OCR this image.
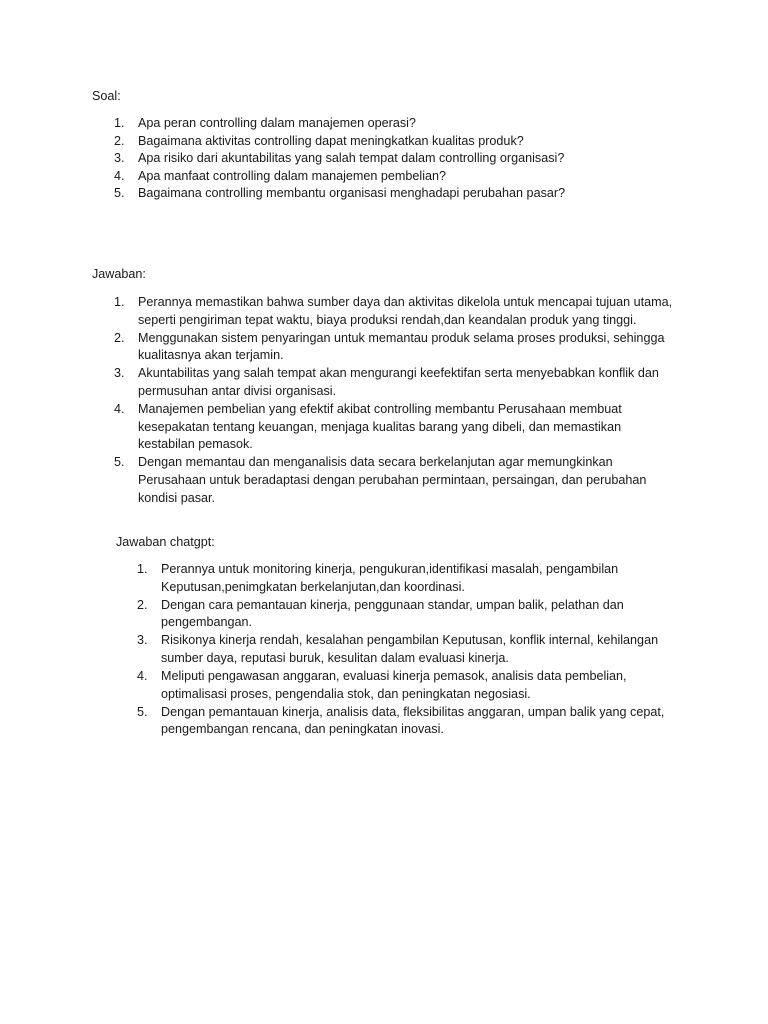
Soal:

1. Apa peran controlling dalam manajemen operasi?
2. Bagaimana aktivitas controlling dapat meningkatkan kualitas produk?
3. Apa risiko dari akuntabilitas yang salah tempat dalam controlling organisasi?
4. Apa manfaat controlling dalam manajemen pembelian?
5. Bagaimana controlling membantu organisasi menghadapi perubahan pasar?

Jawaban:

1. Perannya memastikan bahwa sumber daya dan aktivitas dikelola untuk mencapai tujuan utama, seperti pengiriman tepat waktu, biaya produksi rendah,dan keandalan produk yang tinggi.
2. Menggunakan sistem penyaringan untuk memantau produk selama proses produksi, sehingga kualitasnya akan terjamin.
3. Akuntabilitas yang salah tempat akan mengurangi keefektifan serta menyebabkan konflik dan permusuhan antar divisi organisasi.
4. Manajemen pembelian yang efektif akibat controlling membantu Perusahaan membuat kesepakatan tentang keuangan, menjaga kualitas barang yang dibeli, dan memastikan kestabilan pemasok.
5. Dengan memantau dan menganalisis data secara berkelanjutan agar memungkinkan Perusahaan untuk beradaptasi dengan perubahan permintaan, persaingan, dan perubahan kondisi pasar.

Jawaban chatgpt:

1. Perannya untuk monitoring kinerja, pengukuran,identifikasi masalah, pengambilan Keputusan,penimgkatan berkelanjutan,dan koordinasi.
2. Dengan cara pemantauan kinerja, penggunaan standar, umpan balik, pelathan dan pengembangan.
3. Risikonya kinerja rendah, kesalahan pengambilan Keputusan, konflik internal, kehilangan sumber daya, reputasi buruk, kesulitan dalam evaluasi kinerja.
4. Meliputi pengawasan anggaran, evaluasi kinerja pemasok, analisis data pembelian, optimalisasi proses, pengendalia stok, dan peningkatan negosiasi.
5. Dengan pemantauan kinerja, analisis data, fleksibilitas anggaran, umpan balik yang cepat, pengembangan rencana, dan peningkatan inovasi.
